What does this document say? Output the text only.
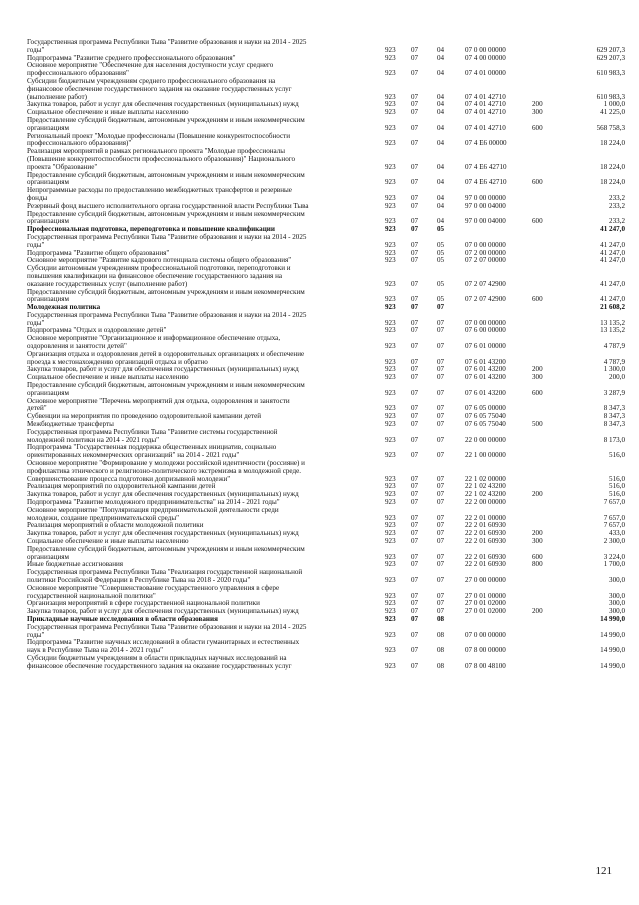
Государственная программа Республики Тыва "Развитие образования и науки на 2014 - 2025
годы"	923 07	04	07 0 00 00000	629 207,3
Подпрограмма "Развитие среднего профессионального образования"	923 07	04	07 4 00 00000	629 207,3
Основное мероприятие "Обеспечение для населения доступности услуг среднего
профессионального образования"	923 07	04	07 4 01 00000	610 983,3
Субсидии бюджетным учреждениям среднего профессионального образования на
финансовое обеспечение государственного задания на оказание государственных услуг
(выполнение работ)	923 07	04	07 4 01 42710	610 983,3
Закупка товаров, работ и услуг для обеспечения государственных (муниципальных) нужд	923 07	04	07 4 01 42710	200	1 000,0
Социальное обеспечение и иные выплаты населению	923 07	04	07 4 01 42710	300	41 225,0
Предоставление субсидий бюджетным, автономным учреждениям и иным некоммерческим
организациям	923 07	04	07 4 01 42710	600	568 758,3
Региональный проект "Молодые профессионалы (Повышение конкурентоспособности
профессионального образования)"	923 07	04	07 4 E6 00000	18 224,0
Реализация мероприятий в рамках регионального проекта "Молодые профессионалы
(Повышение конкурентоспособности профессионального образования)" Национального
проекта "Образование"	923 07	04	07 4 E6 42710	18 224,0
Предоставление субсидий бюджетным, автономным учреждениям и иным некоммерческим
организациям	923 07	04	07 4 E6 42710	600	18 224,0
Непрограммные расходы по предоставлению межбюджетных трансфертов и резервные
фонды	923 07	04	97 0 00 00000	233,2
Резервный фонд высшего исполнительного органа государственной власти Республики Тыва	923 07	04	97 0 00 04000	233,2
Предоставление субсидий бюджетным, автономным учреждениям и иным некоммерческим
организациям	923 07	04	97 0 00 04000	600	233,2
Профессиональная подготовка, переподготовка и повышение квалификации	923 07	05	41 247,0
Государственная программа Республики Тыва "Развитие образования и науки на 2014 - 2025
годы"	923 07	05	07 0 00 00000	41 247,0
Подпрограмма "Развитие общего образования"	923 07	05	07 2 00 00000	41 247,0
Основное мероприятие "Развитие кадрового потенциала системы общего образования"	923 07	05	07 2 07 00000	41 247,0
Субсидии автономным учреждениям профессиональной подготовки, переподготовки и
повышения квалификации на финансовое обеспечение государственного задания на
оказание государственных услуг (выполнение работ)	923 07	05	07 2 07 42900	41 247,0
Предоставление субсидий бюджетным, автономным учреждениям и иным некоммерческим
организациям	923 07	05	07 2 07 42900	600	41 247,0
Молодежная политика	923 07	07	21 608,2
Государственная программа Республики Тыва "Развитие образования и науки на 2014 - 2025
годы"	923 07	07	07 0 00 00000	13 135,2
Подпрограмма "Отдых и оздоровление детей"	923 07	07	07 6 00 00000	13 135,2
Основное мероприятие "Организационное и информационное обеспечение отдыха,
оздоровления и занятости детей"	923 07	07	07 6 01 00000	4 787,9
Организация отдыха и оздоровления детей в оздоровительных организациях и обеспечение
проезда к местонахождению организаций отдыха и обратно	923 07	07	07 6 01 43200	4 787,9
Закупка товаров, работ и услуг для обеспечения государственных (муниципальных) нужд	923 07	07	07 6 01 43200	200	1 300,0
Социальное обеспечение и иные выплаты населению	923 07	07	07 6 01 43200	300	200,0
Предоставление субсидий бюджетным, автономным учреждениям и иным некоммерческим
организациям	923 07	07	07 6 01 43200	600	3 287,9
Основное мероприятие "Перечень мероприятий для отдыха, оздоровления и занятости
детей"	923 07	07	07 6 05 00000	8 347,3
Субвенции на мероприятия по проведению оздоровительной кампании детей	923 07	07	07 6 05 75040	8 347,3
Межбюджетные трансферты	923 07	07	07 6 05 75040	500	8 347,3
Государственная программа Республики Тыва "Развитие системы государственной
молодежной политики на 2014 - 2021 годы"	923 07	07	22 0 00 00000	8 173,0
Подпрограмма "Государственная поддержка общественных инициатив, социально
ориентированных некоммерческих организаций" на 2014 - 2021 годы"	923 07	07	22 1 00 00000	516,0
Основное мероприятие "Формирование у молодежи российской идентичности (россияне) и
профилактика этнического и религиозно-политического экстремизма в молодежной среде.
Совершенствование процесса подготовки допризывной молодежи"	923 07	07	22 1 02 00000	516,0
Реализация мероприятий по оздоровительной кампании детей	923 07	07	22 1 02 43200	516,0
Закупка товаров, работ и услуг для обеспечения государственных (муниципальных) нужд	923 07	07	22 1 02 43200	200	516,0
Подпрограмма "Развитие молодежного предпринимательства" на 2014 - 2021 годы"	923 07	07	22 2 00 00000	7 657,0
Основное мероприятие "Популяризация предпринимательской деятельности среди
молодежи, создание предпринимательской среды"	923 07	07	22 2 01 00000	7 657,0
Реализация мероприятий в области молодежной политики	923 07	07	22 2 01 60930	7 657,0
Закупка товаров, работ и услуг для обеспечения государственных (муниципальных) нужд	923 07	07	22 2 01 60930	200	433,0
Социальное обеспечение и иные выплаты населению	923 07	07	22 2 01 60930	300	2 300,0
Предоставление субсидий бюджетным, автономным учреждениям и иным некоммерческим
организациям	923 07	07	22 2 01 60930	600	3 224,0
Иные бюджетные ассигнования	923 07	07	22 2 01 60930	800	1 700,0
Государственная программа Республики Тыва "Реализация государственной национальной
политики Российской Федерации в Республике Тыва на 2018 - 2020 годы"	923 07	07	27 0 00 00000	300,0
Основное мероприятие "Совершенствование государственного управления в сфере
государственной национальной политики"	923 07	07	27 0 01 00000	300,0
Организация мероприятий в сфере государственной национальной политики	923 07	07	27 0 01 02000	300,0
Закупка товаров, работ и услуг для обеспечения государственных (муниципальных) нужд	923 07	07	27 0 01 02000	200	300,0
Прикладные научные исследования в области образования	923 07	08	14 990,0
Государственная программа Республики Тыва "Развитие образования и науки на 2014 - 2025
годы"	923 07	08	07 0 00 00000	14 990,0
Подпрограмма "Развитие научных исследований в области гуманитарных и естественных
наук в Республике Тыва на 2014 - 2021 годы"	923 07	08	07 8 00 00000	14 990,0
Субсидии бюджетным учреждениям в области прикладных научных исследований на
финансовое обеспечение государственного задания на оказание государственных услуг	923 07	08	07 8 00 48100	14 990,0
121
